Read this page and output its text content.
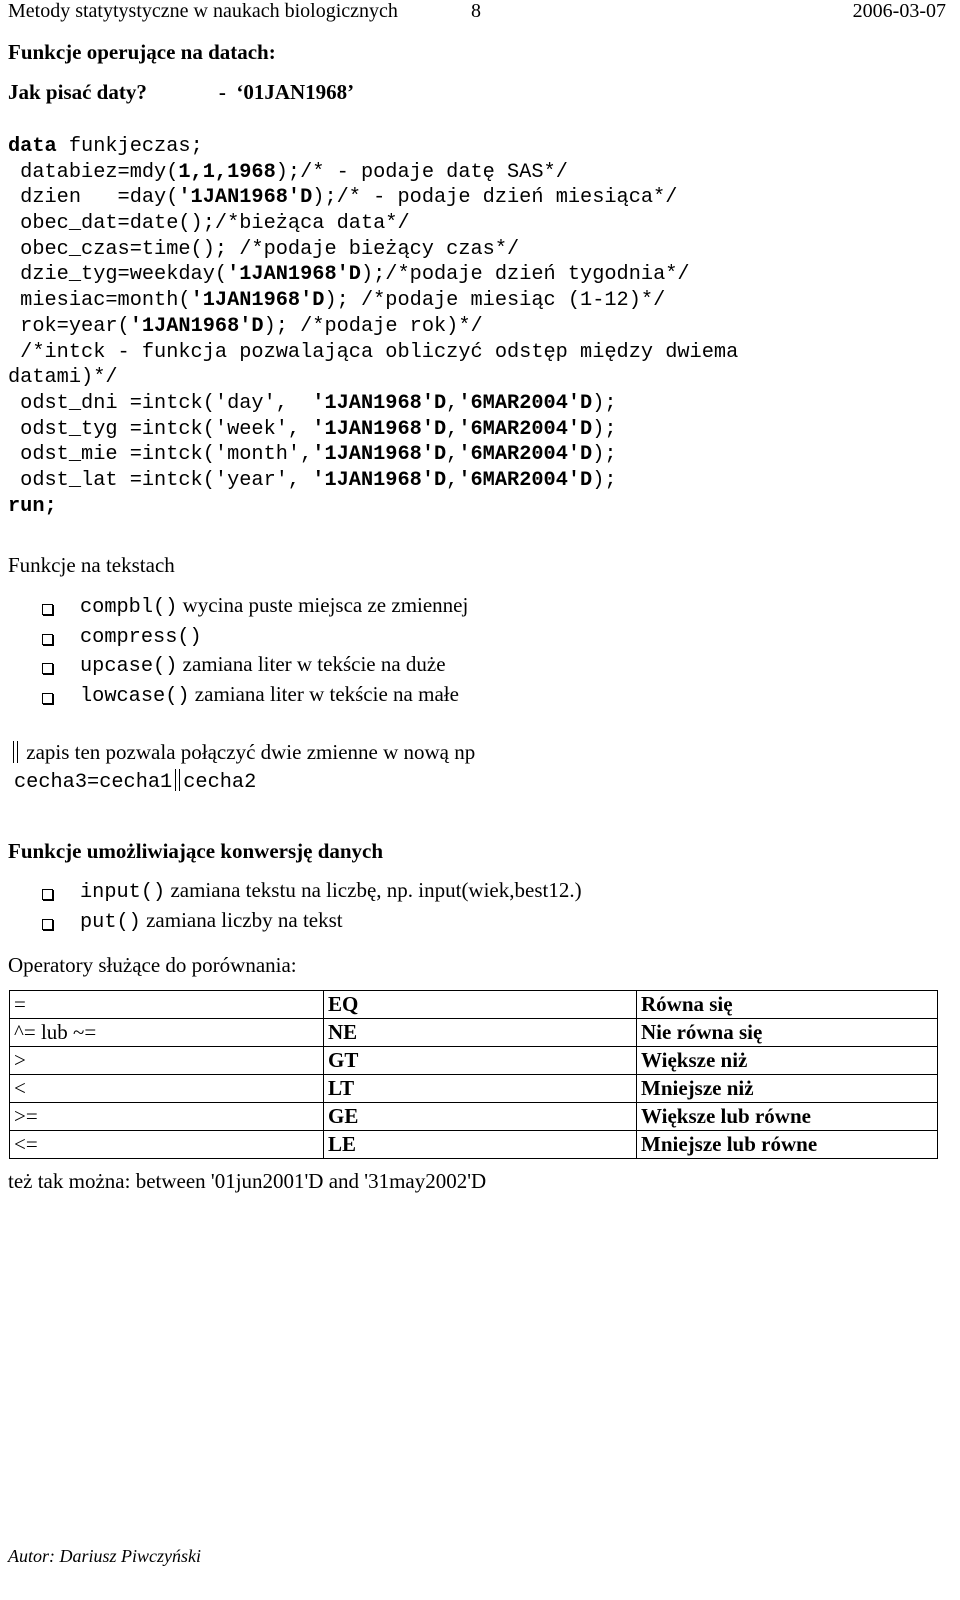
Metody statytystyczne w naukach biologicznych	8	2006-03-07
Funkcje operujące na datach:
Jak pisać daty?	-  ‘01JAN1968’
data funkjeczas;
databiez=mdy(1,1,1968);/* - podaje datę SAS*/
dzien   =day('1JAN1968'D);/* - podaje dzień miesiąca*/
obec_dat=date();/*bieżąca data*/
obec_czas=time(); /*podaje bieżący czas*/
dzie_tyg=weekday('1JAN1968'D);/*podaje dzień tygodnia*/
miesiac=month('1JAN1968'D); /*podaje miesiąc (1-12)*/
rok=year('1JAN1968'D); /*podaje rok)*/
/*intck - funkcja pozwalająca obliczyć odstęp między dwiema
datami)*/
odst_dni =intck('day',  '1JAN1968'D,'6MAR2004'D);
odst_tyg =intck('week', '1JAN1968'D,'6MAR2004'D);
odst_mie =intck('month','1JAN1968'D,'6MAR2004'D);
odst_lat =intck('year', '1JAN1968'D,'6MAR2004'D);
run;
Funkcje na tekstach
compbl() wycina puste miejsca ze zmiennej
compress()
upcase() zamiana liter w tekście na duże
lowcase() zamiana liter w tekście na małe
zapis ten pozwala połączyć dwie zmienne w nową np
cecha3=cecha1 cecha2
Funkcje umożliwiające konwersję danych
input() zamiana tekstu na liczbę, np. input(wiek,best12.)
put() zamiana liczby na tekst
Operatory służące do porównania:
=	EQ	Równa się
^= lub ~=	NE	Nie równa się
>	GT	Większe niż
<	LT	Mniejsze niż
>=	GE	Większe lub równe
<=	LE	Mniejsze lub równe
też tak można: between '01jun2001'D and '31may2002'D
Autor: Dariusz Piwczyński
